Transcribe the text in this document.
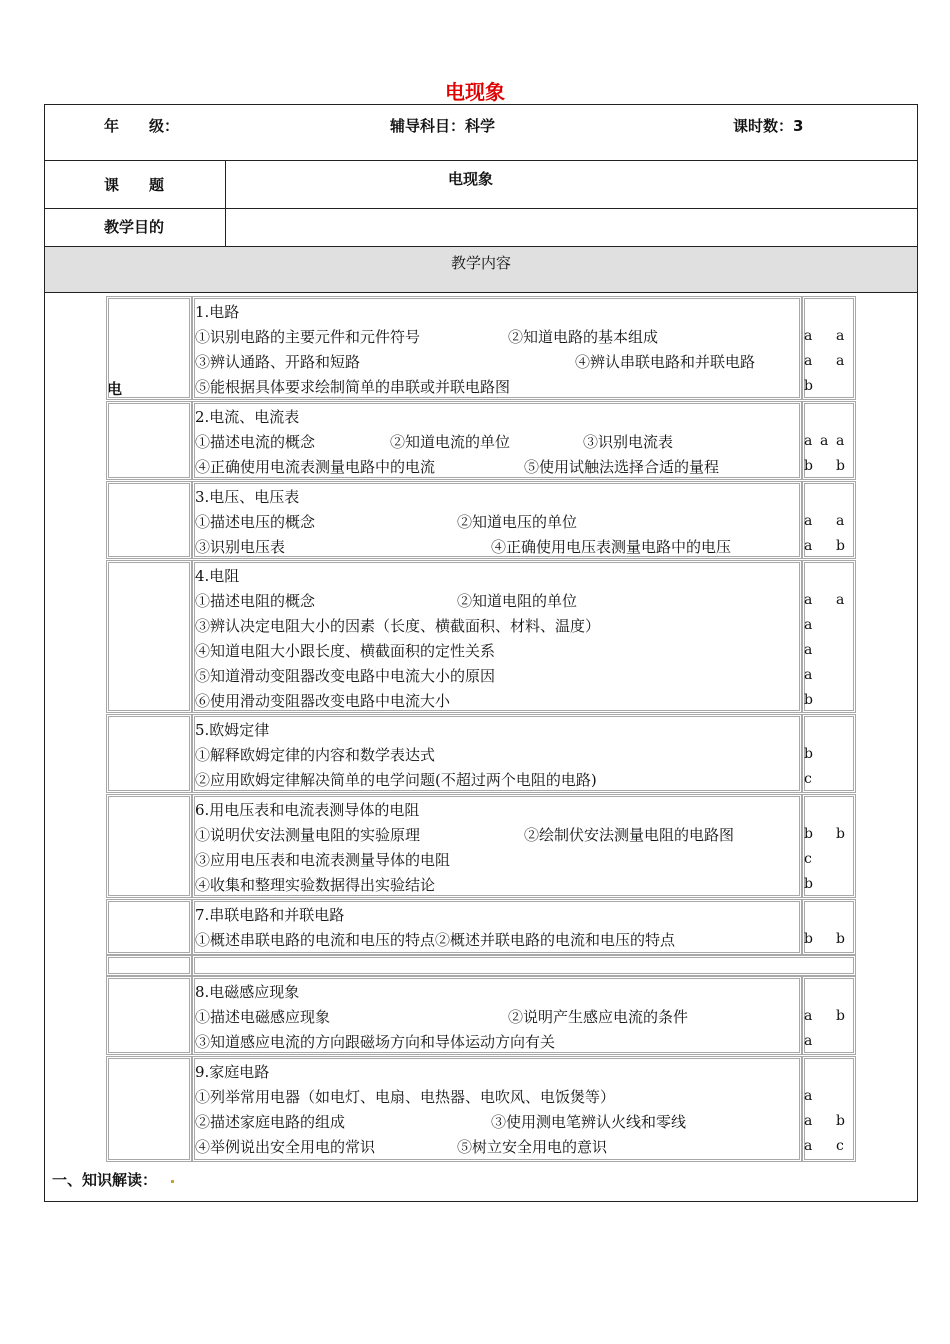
电现象
年　　级：	辅导科目：科学	课时数：3
课　　题	电现象
教学目的
教学内容
电
1.电路
①识别电路的主要元件和元件符号	②知道电路的基本组成	a a
③辨认通路、开路和短路	④辨认串联电路和并联电路	a a
⑤能根据具体要求绘制简单的串联或并联电路图	b
2.电流、电流表
①描述电流的概念	②知道电流的单位	③识别电流表	a a a
④正确使用电流表测量电路中的电流	⑤使用试触法选择合适的量程	b b
3.电压、电压表
①描述电压的概念	②知道电压的单位	a a
③识别电压表	④正确使用电压表测量电路中的电压	a b
4.电阻
①描述电阻的概念	②知道电阻的单位	a a
③辨认决定电阻大小的因素（长度、横截面积、材料、温度）	a
④知道电阻大小跟长度、横截面积的定性关系	a
⑤知道滑动变阻器改变电路中电流大小的原因	a
⑥使用滑动变阻器改变电路中电流大小	b
5.欧姆定律
①解释欧姆定律的内容和数学表达式	b
②应用欧姆定律解决简单的电学问题(不超过两个电阻的电路)	c
6.用电压表和电流表测导体的电阻
①说明伏安法测量电阻的实验原理	②绘制伏安法测量电阻的电路图	b b
③应用电压表和电流表测量导体的电阻	c
④收集和整理实验数据得出实验结论	b
7.串联电路和并联电路
①概述串联电路的电流和电压的特点②概述并联电路的电流和电压的特点	b b
8.电磁感应现象
①描述电磁感应现象	②说明产生感应电流的条件	a b
③知道感应电流的方向跟磁场方向和导体运动方向有关	a
9.家庭电路
①列举常用电器（如电灯、电扇、电热器、电吹风、电饭煲等）	a
②描述家庭电路的组成	③使用测电笔辨认火线和零线	a b
④举例说出安全用电的常识	⑤树立安全用电的意识	a c
一、知识解读：
